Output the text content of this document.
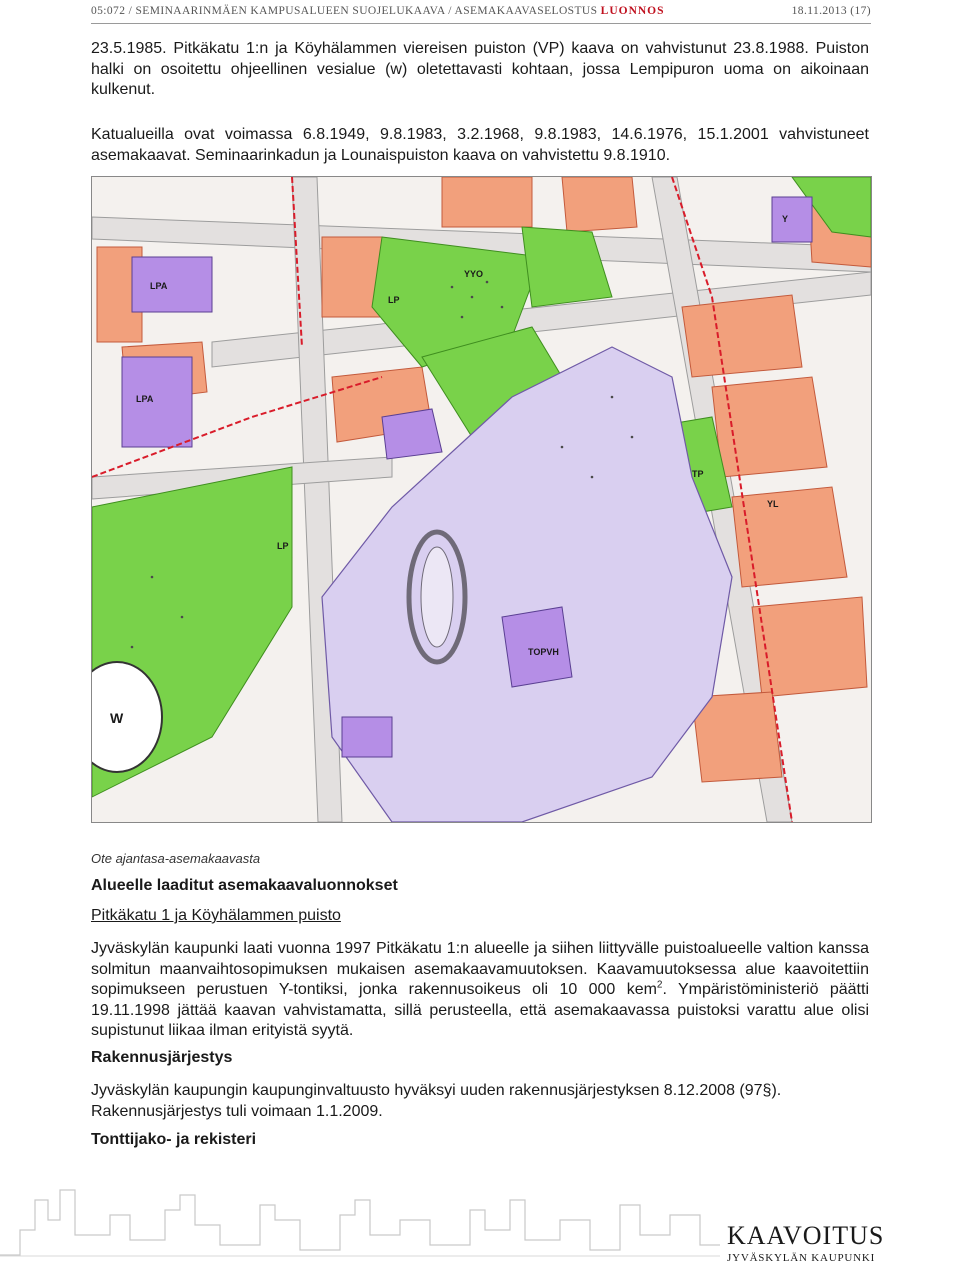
05:072 / SEMINAARINMÄEN KAMPUSALUEEN SUOJELUKAAVA / ASEMAKAAVASELOSTUS LUONNOS	18.11.2013 (17)
23.5.1985. Pitkäkatu 1:n ja Köyhälammen viereisen puiston (VP) kaava on vahvistunut 23.8.1988. Puiston halki on osoitettu ohjeellinen vesialue (w) oletettavasti kohtaan, jossa Lempipuron uoma on aikoinaan kulkenut.
Katualueilla ovat voimassa 6.8.1949, 9.8.1983, 3.2.1968, 9.8.1983, 14.6.1976, 15.1.2001 vahvistuneet asemakaavat. Seminaarinkadun ja Lounaispuiston kaava on vahvistettu 9.8.1910.
LPA
LPA
LP
LP
W
TOPVH
YYO
Y
YL
TP
Ote ajantasa-asemakaavasta
Alueelle laaditut asemakaavaluonnokset
Pitkäkatu 1 ja Köyhälammen puisto
Jyväskylän kaupunki laati vuonna 1997 Pitkäkatu 1:n alueelle ja siihen liittyvälle puistoalueelle valtion kanssa solmitun maanvaihtosopimuksen mukaisen asemakaavamuutoksen. Kaavamuutoksessa alue kaavoitettiin sopimukseen perustuen Y-tontiksi, jonka rakennusoikeus oli 10 000 kem$^2$. Ympäristöministeriö päätti 19.11.1998 jättää kaavan vahvistamatta, sillä perusteella, että asemakaavassa puistoksi varattu alue olisi supistunut liikaa ilman erityistä syytä.
Rakennusjärjestys
Jyväskylän kaupungin kaupunginvaltuusto hyväksyi uuden rakennusjärjestyksen 8.12.2008 (97§). Rakennusjärjestys tuli voimaan 1.1.2009.
Tonttijako- ja rekisteri
KAAVOITUS
JYVÄSKYLÄN KAUPUNKI
